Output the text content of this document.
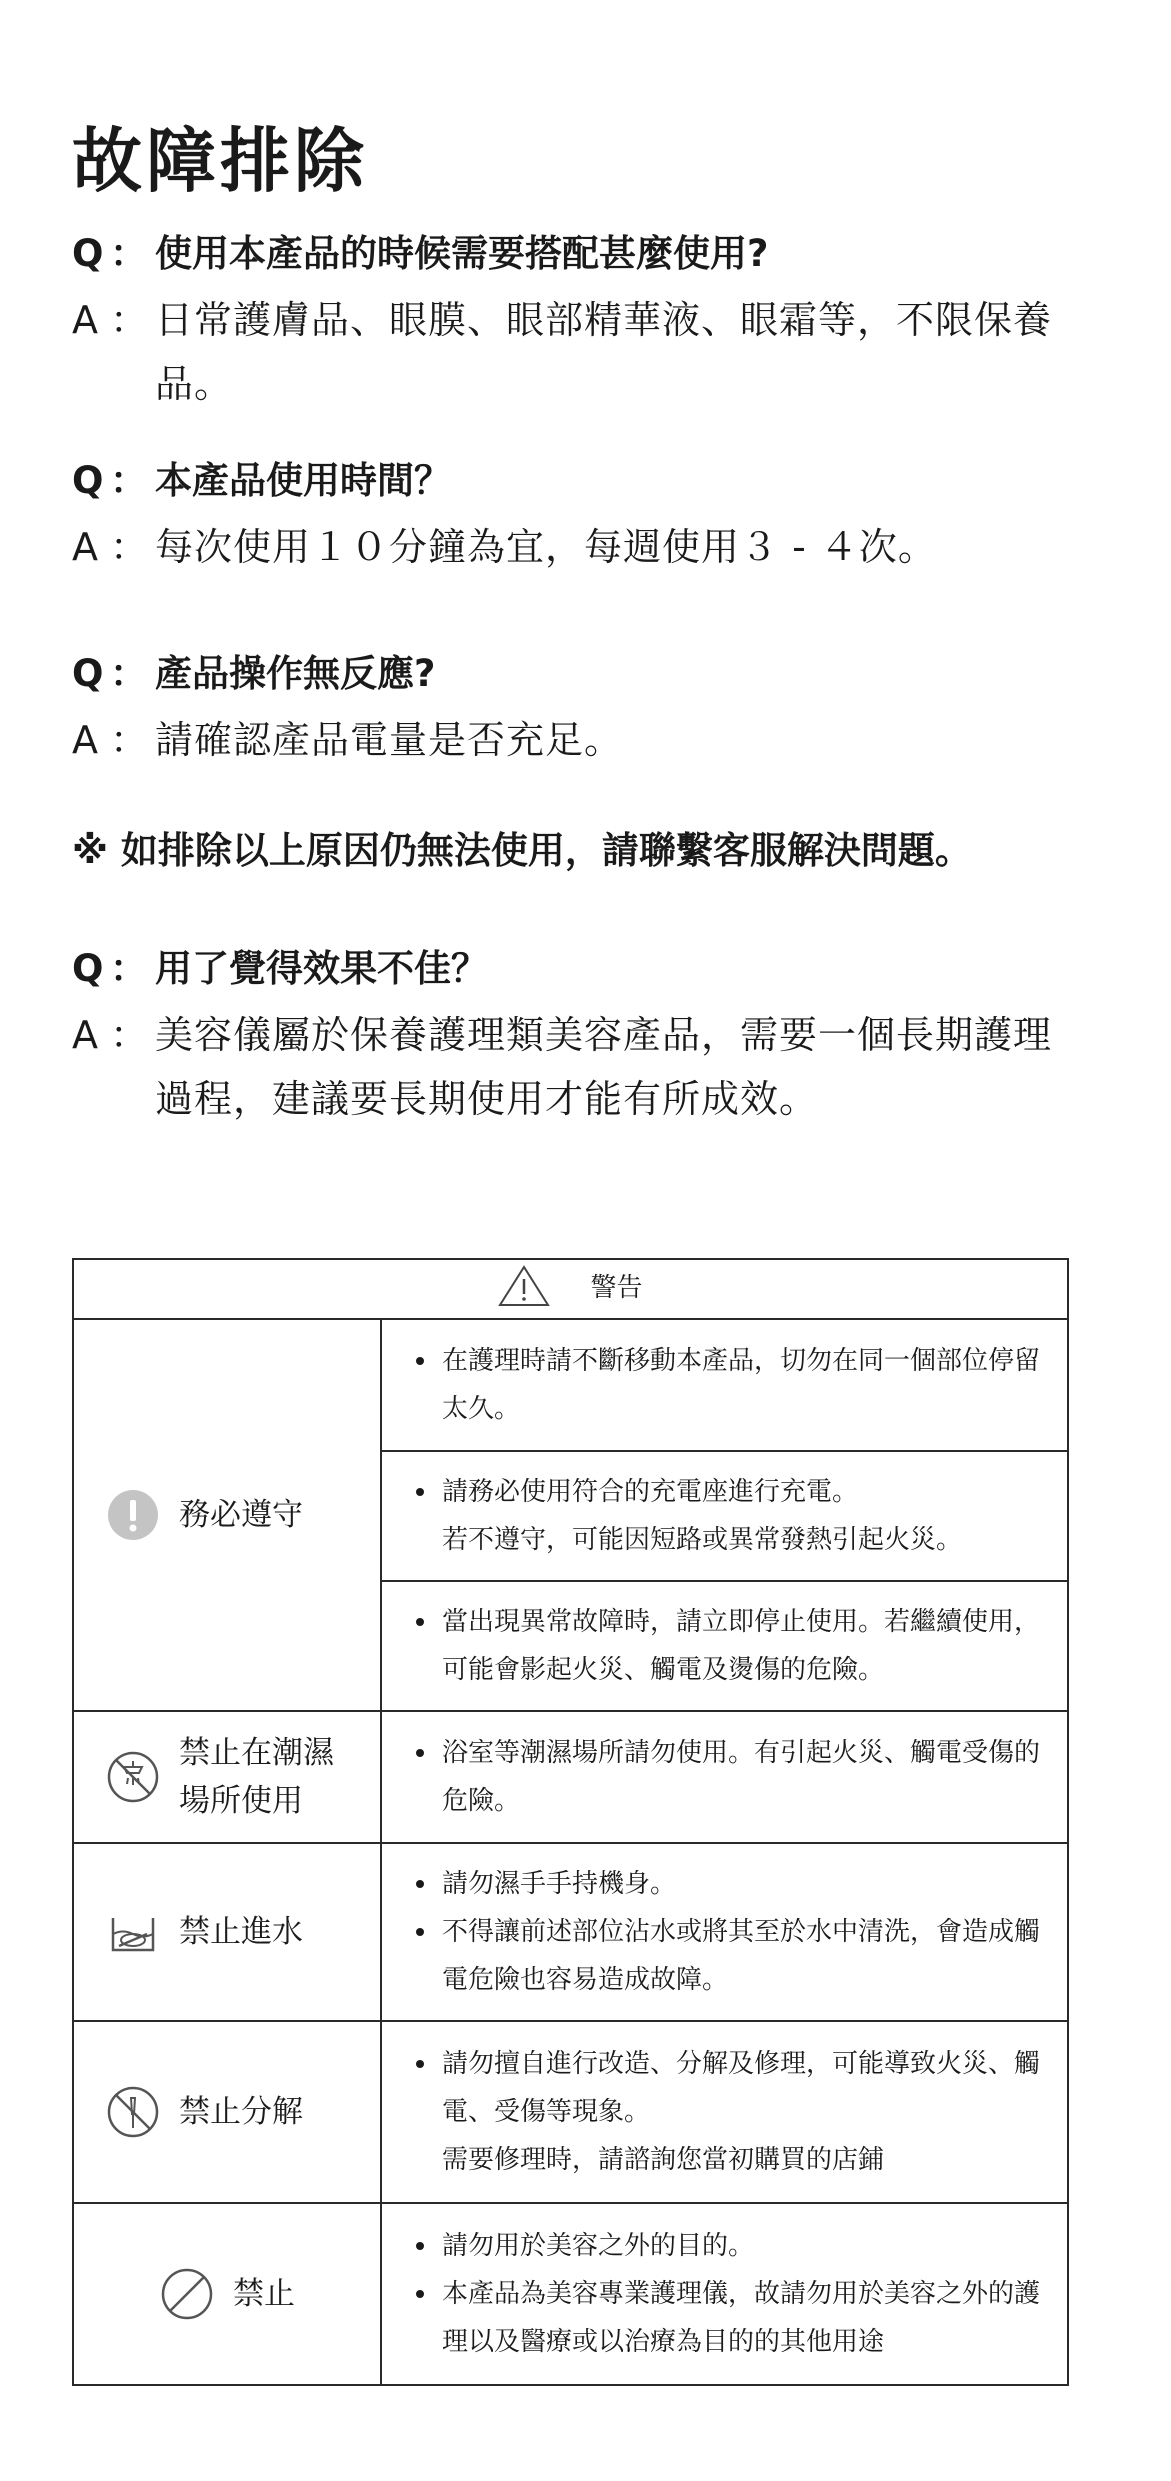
故障排除
Q ： 使用本產品的時候需要搭配甚麼使用?
A ： 日常護膚品、眼膜、眼部精華液、眼霜等，不限保養品。
Q ： 本產品使用時間？
A ： 每次使用１０分鐘為宜，每週使用３ - ４次。
Q ： 產品操作無反應?
A ： 請確認產品電量是否充足。
※ 如排除以上原因仍無法使用，請聯繫客服解決問題。
Q ： 用了覺得效果不佳？
A ： 美容儀屬於保養護理類美容產品，需要一個長期護理過程，建議要長期使用才能有所成效。
警告	

務必遵守	在護理時請不斷移動本產品，切勿在同一個部位停留太久。

	請務必使用符合的充電座進行充電。
若不遵守，可能因短路或異常發熱引起火災。

	當出現異常故障時，請立即停止使用。若繼續使用，可能會影起火災、觸電及燙傷的危險。

禁止在潮濕場所使用	浴室等潮濕場所請勿使用。有引起火災、觸電受傷的危險。

禁止進水	請勿濕手手持機身。
不得讓前述部位沾水或將其至於水中清洗，會造成觸電危險也容易造成故障。

禁止分解	請勿擅自進行改造、分解及修理，可能導致火災、觸電、受傷等現象。
需要修理時，請諮詢您當初購買的店鋪

禁止	請勿用於美容之外的目的。
本產品為美容專業護理儀，故請勿用於美容之外的護理以及醫療或以治療為目的的其他用途
